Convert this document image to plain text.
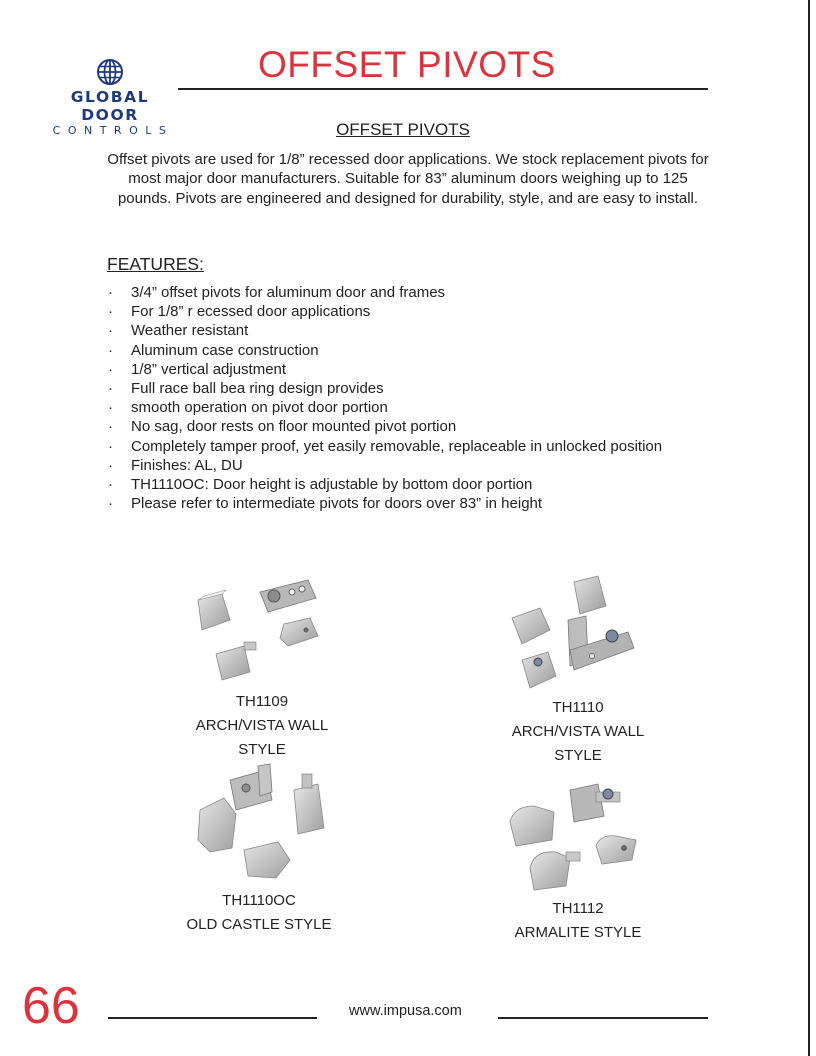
GLOBAL DOOR
CONTROLS
OFFSET PIVOTS
OFFSET PIVOTS

Offset pivots are used for 1/8” recessed door applications. We stock replacement pivots for most major door manufacturers. Suitable for 83” aluminum doors weighing up to 125 pounds. Pivots are engineered and designed for durability, style, and are easy to install.

FEATURES:
· 3/4” offset pivots for aluminum door and frames
· For 1/8” r ecessed door applications
· Weather resistant
· Aluminum case construction
· 1/8” vertical adjustment
· Full race ball bea ring design provides
· smooth operation on pivot door portion
· No sag, door rests on floor mounted pivot portion
· Completely tamper proof, yet easily removable, replaceable in unlocked position
· Finishes: AL, DU
· TH1110OC: Door height is adjustable by bottom door portion
· Please refer to intermediate pivots for doors over 83” in height
TH1109
ARCH/VISTA WALL
STYLE
TH1110
ARCH/VISTA WALL
STYLE
TH1110OC
OLD CASTLE STYLE
TH1112
ARMALITE STYLE
66	www.impusa.com
